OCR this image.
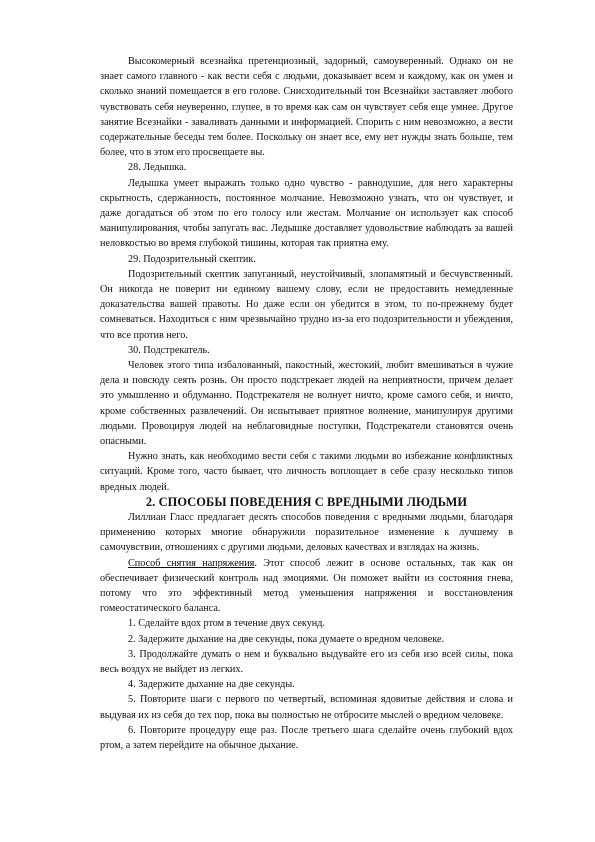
Высокомерный всезнайка претенциозный, задорный, самоуверенный. Однако он не знает самого главного - как вести себя с людьми, доказывает всем и каждому, как он умен и сколько знаний помещается в его голове. Снисходительный тон Всезнайки заставляет любого чувствовать себя неуверенно, глупее, в то время как сам он чувствует себя еще умнее. Другое занятие Всезнайки - заваливать данными и информацией. Спорить с ним невозможно, а вести содержательные беседы тем более. Поскольку он знает все, ему нет нужды знать больше, тем более, что в этом его просвещаете вы.

28. Ледышка.

Ледышка умеет выражать только одно чувство - равнодушие, для него характерны скрытность, сдержанность, постоянное молчание. Невозможно узнать, что он чувствует, и даже догадаться об этом по его голосу или жестам. Молчание он использует как способ манипулирования, чтобы запугать вас. Ледышке доставляет удовольствие наблюдать за вашей неловкостью во время глубокой тишины, которая так приятна ему.

29. Подозрительный скептик.

Подозрительный скептик запуганный, неустойчивый, злопамятный и бесчувственный. Он никогда не поверит ни единому вашему слову, если не предоставить немедленные доказательства вашей правоты. Но даже если он убедится в этом, то по-прежнему будет сомневаться. Находиться с ним чрезвычайно трудно из-за его подозрительности и убеждения, что все против него.

30. Подстрекатель.

Человек этого типа избалованный, пакостный, жестокий, любит вмешиваться в чужие дела и повсюду сеять рознь. Он просто подстрекает людей на неприятности, причем делает это умышленно и обдуманно. Подстрекателя не волнует ничто, кроме самого себя, и ничто, кроме собственных развлечений. Он испытывает приятное волнение, манипулируя другими людьми. Провоцируя людей на неблаговидные поступки, Подстрекатели становятся очень опасными.

Нужно знать, как необходимо вести себя с такими людьми во избежание конфликтных ситуаций. Кроме того, часто бывает, что личность воплощает в себе сразу несколько типов вредных людей.

2. СПОСОБЫ ПОВЕДЕНИЯ С ВРЕДНЫМИ ЛЮДЬМИ

Лиллиан Гласс предлагает десять способов поведения с вредными людьми, благодаря применению которых многие обнаружили поразительное изменение к лучшему в самочувствии, отношениях с другими людьми, деловых качествах и взглядах на жизнь.

Способ снятия напряжения. Этот способ лежит в основе остальных, так как он обеспечивает физический контроль над эмоциями. Он поможет выйти из состояния гнева, потому что это эффективный метод уменьшения напряжения и восстановления гомеостатического баланса.

1. Сделайте вдох ртом в течение двух секунд.

2. Задержите дыхание на две секунды, пока думаете о вредном человеке.

3. Продолжайте думать о нем и буквально выдувайте его из себя изо всей силы, пока весь воздух не выйдет из легких.

4. Задержите дыхание на две секунды.

5. Повторите шаги с первого по четвертый, вспоминая ядовитые действия и слова и выдувая их из себя до тех пор, пока вы полностью не отбросите мыслей о вредном человеке.

6. Повторите процедуру еще раз. После третьего шага сделайте очень глубокий вдох ртом, а затем перейдите на обычное дыхание.
